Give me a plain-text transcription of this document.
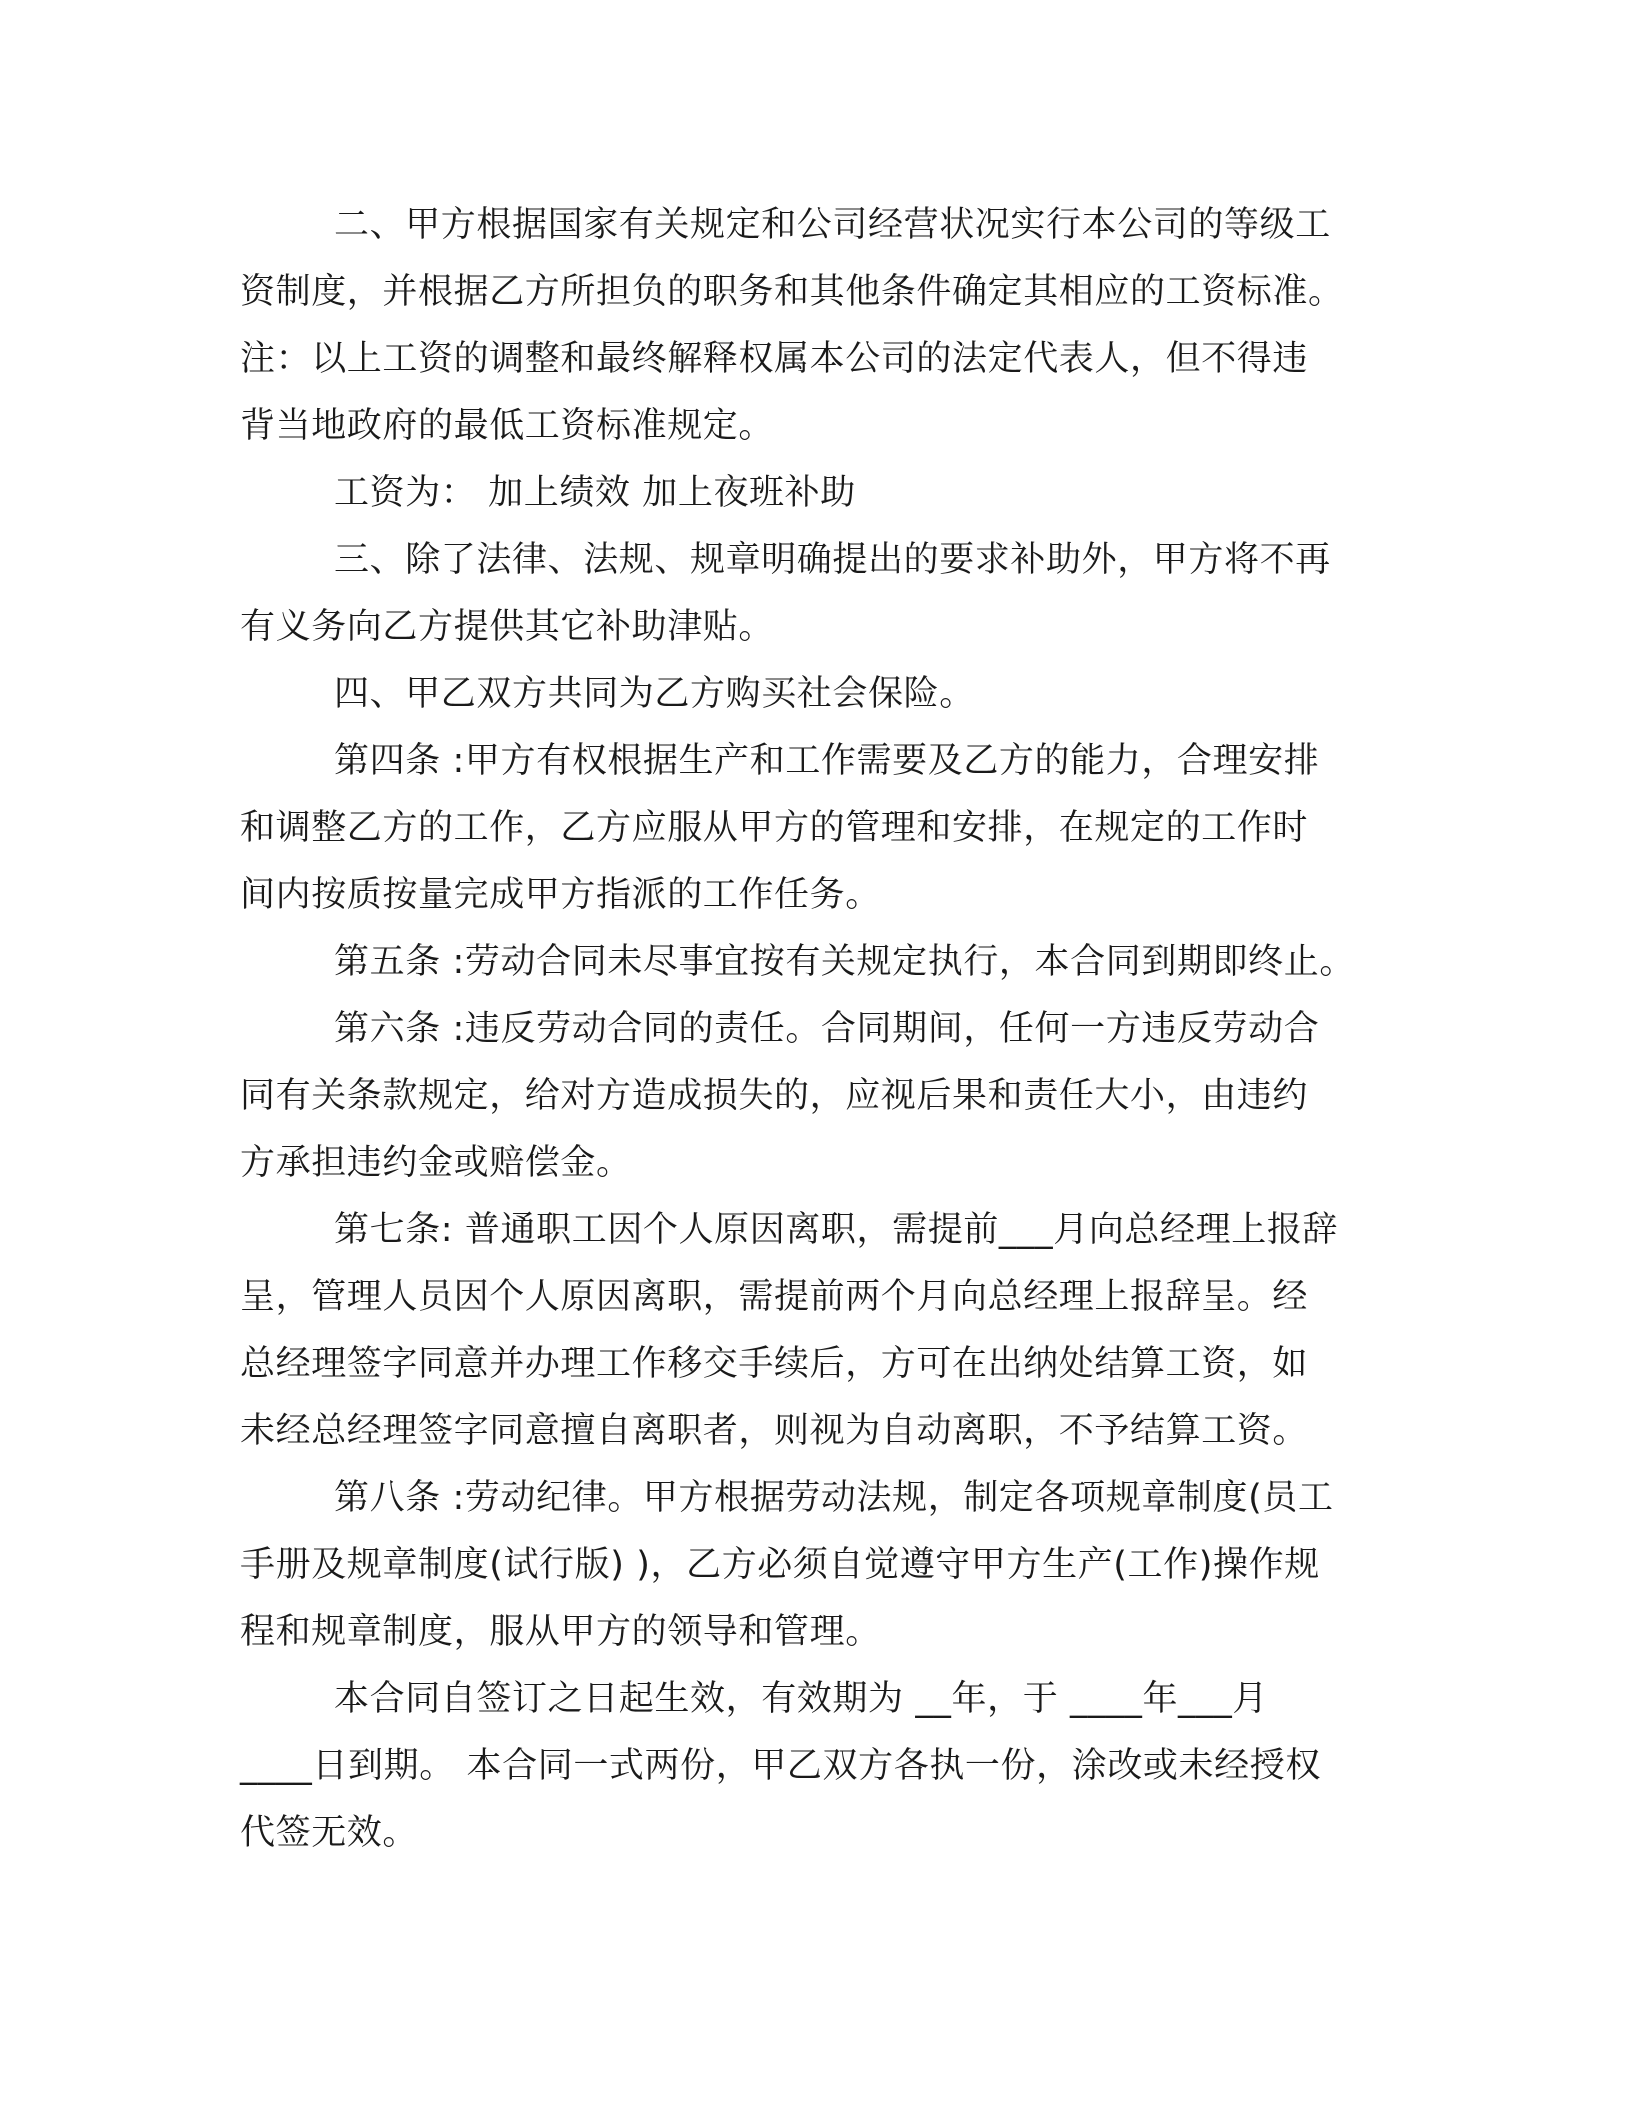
二、甲方根据国家有关规定和公司经营状况实行本公司的等级工
资制度，并根据乙方所担负的职务和其他条件确定其相应的工资标准。
注：以上工资的调整和最终解释权属本公司的法定代表人，但不得违
背当地政府的最低工资标准规定。
工资为： 加上绩效 加上夜班补助
三、除了法律、法规、规章明确提出的要求补助外，甲方将不再
有义务向乙方提供其它补助津贴。
四、甲乙双方共同为乙方购买社会保险。
第四条 :甲方有权根据生产和工作需要及乙方的能力，合理安排
和调整乙方的工作，乙方应服从甲方的管理和安排，在规定的工作时
间内按质按量完成甲方指派的工作任务。
第五条 :劳动合同未尽事宜按有关规定执行，本合同到期即终止。
第六条 :违反劳动合同的责任。合同期间，任何一方违反劳动合
同有关条款规定，给对方造成损失的，应视后果和责任大小，由违约
方承担违约金或赔偿金。
第七条: 普通职工因个人原因离职，需提前___月向总经理上报辞
呈，管理人员因个人原因离职，需提前两个月向总经理上报辞呈。经
总经理签字同意并办理工作移交手续后，方可在出纳处结算工资，如
未经总经理签字同意擅自离职者，则视为自动离职，不予结算工资。
第八条 :劳动纪律。甲方根据劳动法规，制定各项规章制度(员工
手册及规章制度(试行版) )，乙方必须自觉遵守甲方生产(工作)操作规
程和规章制度，服从甲方的领导和管理。
本合同自签订之日起生效，有效期为 __年，于 ____年___月
____日到期。 本合同一式两份，甲乙双方各执一份，涂改或未经授权
代签无效。
